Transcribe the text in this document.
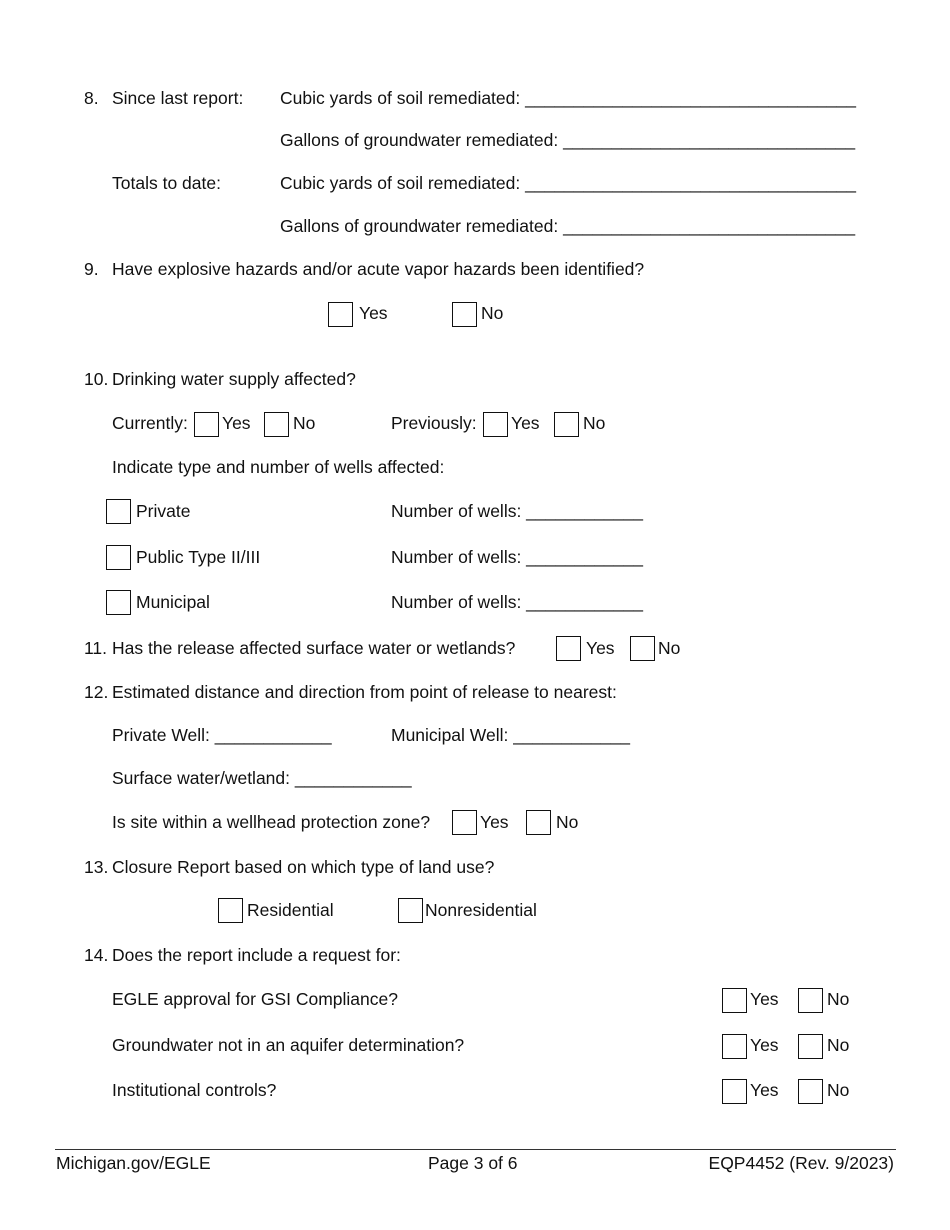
8. Since last report: Cubic yards of soil remediated: __________________________________
Gallons of groundwater remediated: ______________________________
Totals to date:	Cubic yards of soil remediated: __________________________________
Gallons of groundwater remediated: ______________________________
9. Have explosive hazards and/or acute vapor hazards been identified?
Yes	No
10. Drinking water supply affected?
Currently: Yes No	Previously: Yes No
Indicate type and number of wells affected:
Private	Number of wells: ____________
Public Type II/III	Number of wells: ____________
Municipal	Number of wells: ____________
11. Has the release affected surface water or wetlands?	Yes No
12. Estimated distance and direction from point of release to nearest:
Private Well: ____________	Municipal Well: ____________
Surface water/wetland: ____________
Is site within a wellhead protection zone?	Yes	No
13. Closure Report based on which type of land use?
Residential	Nonresidential
14. Does the report include a request for:
EGLE approval for GSI Compliance?	Yes	No
Groundwater not in an aquifer determination?	Yes	No
Institutional controls?	Yes	No
Michigan.gov/EGLE	Page 3 of 6	EQP4452 (Rev. 9/2023)
